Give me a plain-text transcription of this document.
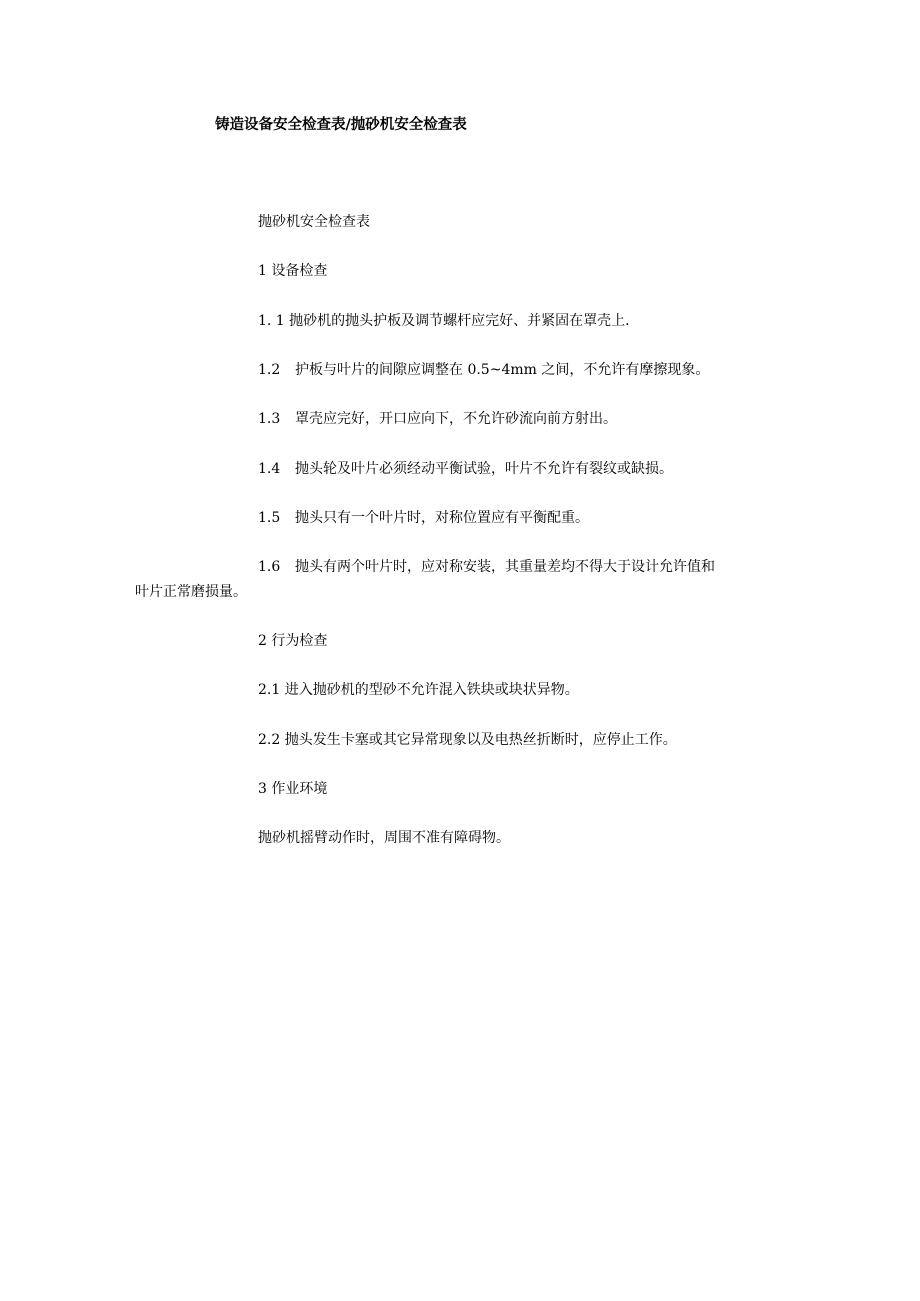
铸造设备安全检查表/抛砂机安全检查表
抛砂机安全检查表
1 设备检查
1. 1 抛砂机的抛头护板及调节螺杆应完好、并紧固在罩壳上.
1.2 护板与叶片的间隙应调整在 0.5~4mm 之间，不允许有摩擦现象。
1.3 罩壳应完好，开口应向下，不允许砂流向前方射出。
1.4 抛头轮及叶片必须经动平衡试验，叶片不允许有裂纹或缺损。
1.5 抛头只有一个叶片时，对称位置应有平衡配重。
1.6 抛头有两个叶片时，应对称安装，其重量差均不得大于设计允许值和
叶片正常磨损量。
2 行为检查
2.1 进入抛砂机的型砂不允许混入铁块或块状异物。
2.2 抛头发生卡塞或其它异常现象以及电热丝折断时，应停止工作。
3 作业环境
抛砂机摇臂动作时，周围不准有障碍物。
